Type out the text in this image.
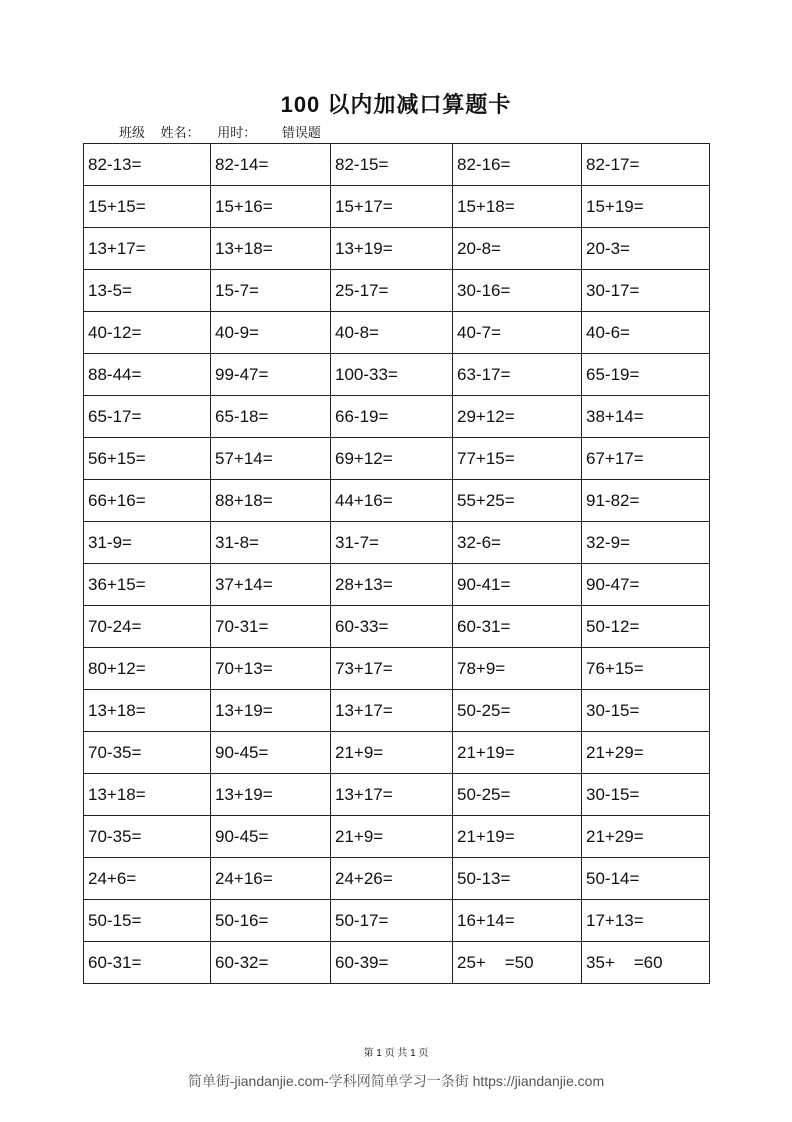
100 以内加减口算题卡
班级 姓名： 用时： 错误题
82-13=	82-14=	82-15=	82-16=	82-17=
15+15=	15+16=	15+17=	15+18=	15+19=
13+17=	13+18=	13+19=	20-8=	20-3=
13-5=	15-7=	25-17=	30-16=	30-17=
40-12=	40-9=	40-8=	40-7=	40-6=
88-44=	99-47=	100-33=	63-17=	65-19=
65-17=	65-18=	66-19=	29+12=	38+14=
56+15=	57+14=	69+12=	77+15=	67+17=
66+16=	88+18=	44+16=	55+25=	91-82=
31-9=	31-8=	31-7=	32-6=	32-9=
36+15=	37+14=	28+13=	90-41=	90-47=
70-24=	70-31=	60-33=	60-31=	50-12=
80+12=	70+13=	73+17=	78+9=	76+15=
13+18=	13+19=	13+17=	50-25=	30-15=
70-35=	90-45=	21+9=	21+19=	21+29=
13+18=	13+19=	13+17=	50-25=	30-15=
70-35=	90-45=	21+9=	21+19=	21+29=
24+6=	24+16=	24+26=	50-13=	50-14=
50-15=	50-16=	50-17=	16+14=	17+13=
60-31=	60-32=	60-39=	25+    =50	35+    =60
第 1 页 共 1 页
简单街-jiandanjie.com-学科网简单学习一条街 https://jiandanjie.com
